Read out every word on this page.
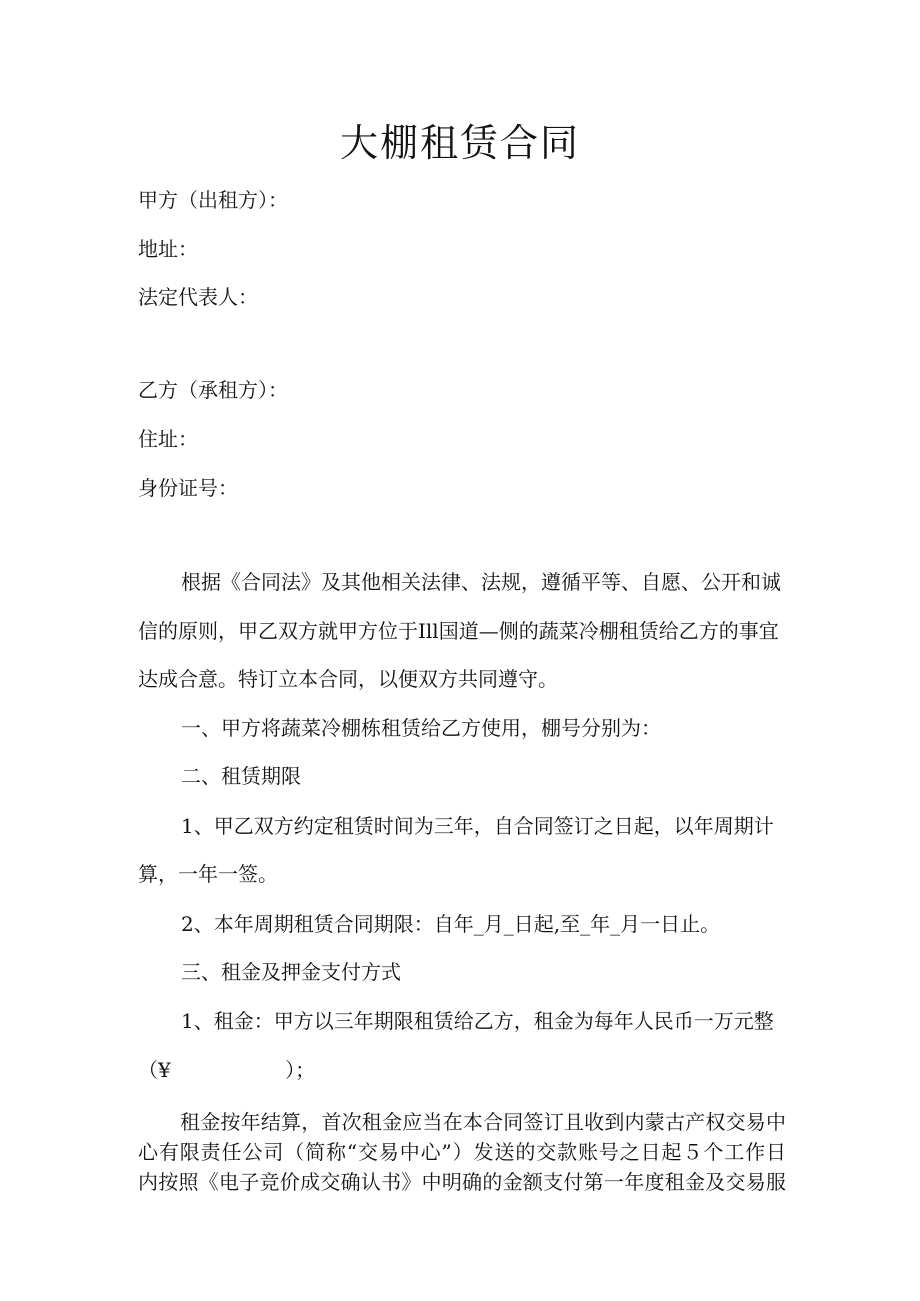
大棚租赁合同
甲方（出租方）：
地址：
法定代表人：
乙方（承租方）：
住址：
身份证号：
根据《合同法》及其他相关法律、法规，遵循平等、自愿、公开和诚
信的原则，甲乙双方就甲方位于Ill国道—侧的蔬菜冷棚租赁给乙方的事宜
达成合意。特订立本合同，以便双方共同遵守。
一、甲方将蔬菜冷棚栋租赁给乙方使用，棚号分别为：
二、租赁期限
1、甲乙双方约定租赁时间为三年，自合同签订之日起，以年周期计
算，一年一签。
2、本年周期租赁合同期限：自年_月_日起,至_年_月一日止。
三、租金及押金支付方式
1、租金：甲方以三年期限租赁给乙方，租金为每年人民币一万元整
（¥                  ）；
租金按年结算，首次租金应当在本合同签订且收到内蒙古产权交易中
心有限责任公司（简称“交易中心”）发送的交款账号之日起５个工作日
内按照《电子竞价成交确认书》中明确的金额支付第一年度租金及交易服
